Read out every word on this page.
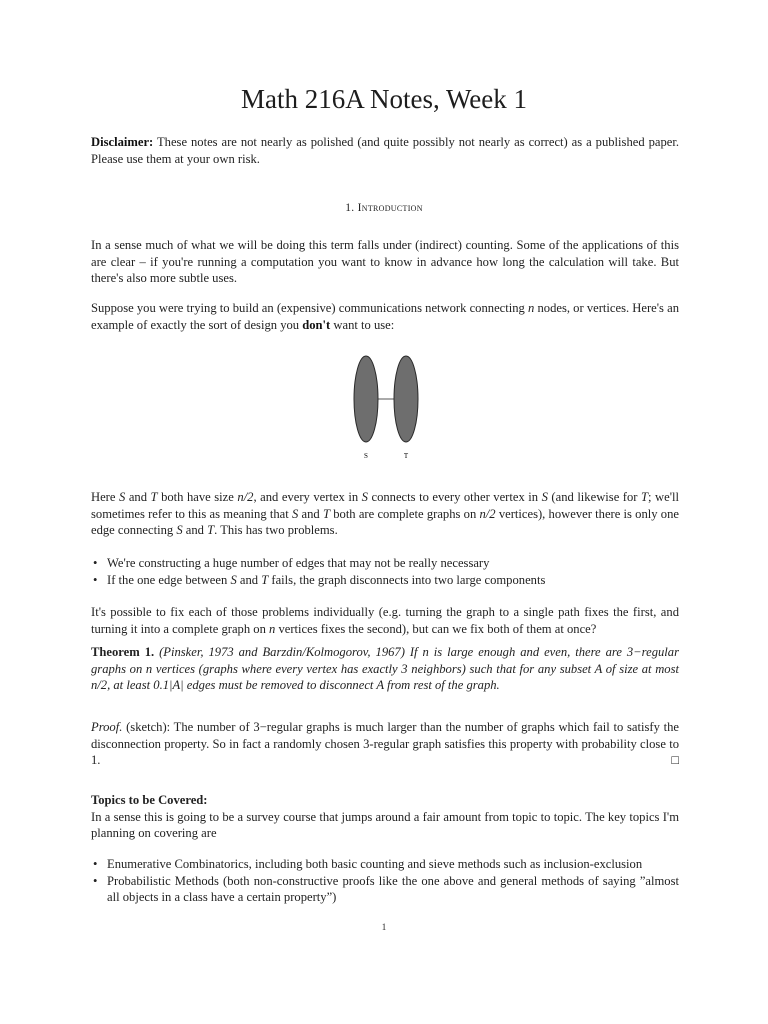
Math 216A Notes, Week 1
Disclaimer: These notes are not nearly as polished (and quite possibly not nearly as correct) as a published paper. Please use them at your own risk.
1. Introduction
In a sense much of what we will be doing this term falls under (indirect) counting. Some of the applications of this are clear – if you're running a computation you want to know in advance how long the calculation will take. But there's also more subtle uses.
Suppose you were trying to build an (expensive) communications network connecting n nodes, or vertices. Here's an example of exactly the sort of design you don't want to use:
S	T
Here S and T both have size n/2, and every vertex in S connects to every other vertex in S (and likewise for T; we'll sometimes refer to this as meaning that S and T both are complete graphs on n/2 vertices), however there is only one edge connecting S and T. This has two problems.
• We're constructing a huge number of edges that may not be really necessary
• If the one edge between S and T fails, the graph disconnects into two large components
It's possible to fix each of those problems individually (e.g. turning the graph to a single path fixes the first, and turning it into a complete graph on n vertices fixes the second), but can we fix both of them at once?
Theorem 1. (Pinsker, 1973 and Barzdin/Kolmogorov, 1967) If n is large enough and even, there are 3−regular graphs on n vertices (graphs where every vertex has exactly 3 neighbors) such that for any subset A of size at most n/2, at least 0.1|A| edges must be removed to disconnect A from rest of the graph.
Proof. (sketch): The number of 3−regular graphs is much larger than the number of graphs which fail to satisfy the disconnection property. So in fact a randomly chosen 3-regular graph satisfies this property with probability close to 1.	□
Topics to be Covered:
In a sense this is going to be a survey course that jumps around a fair amount from topic to topic. The key topics I'm planning on covering are
• Enumerative Combinatorics, including both basic counting and sieve methods such as inclusion-exclusion
• Probabilistic Methods (both non-constructive proofs like the one above and general methods of saying ”almost all objects in a class have a certain property”)
1
